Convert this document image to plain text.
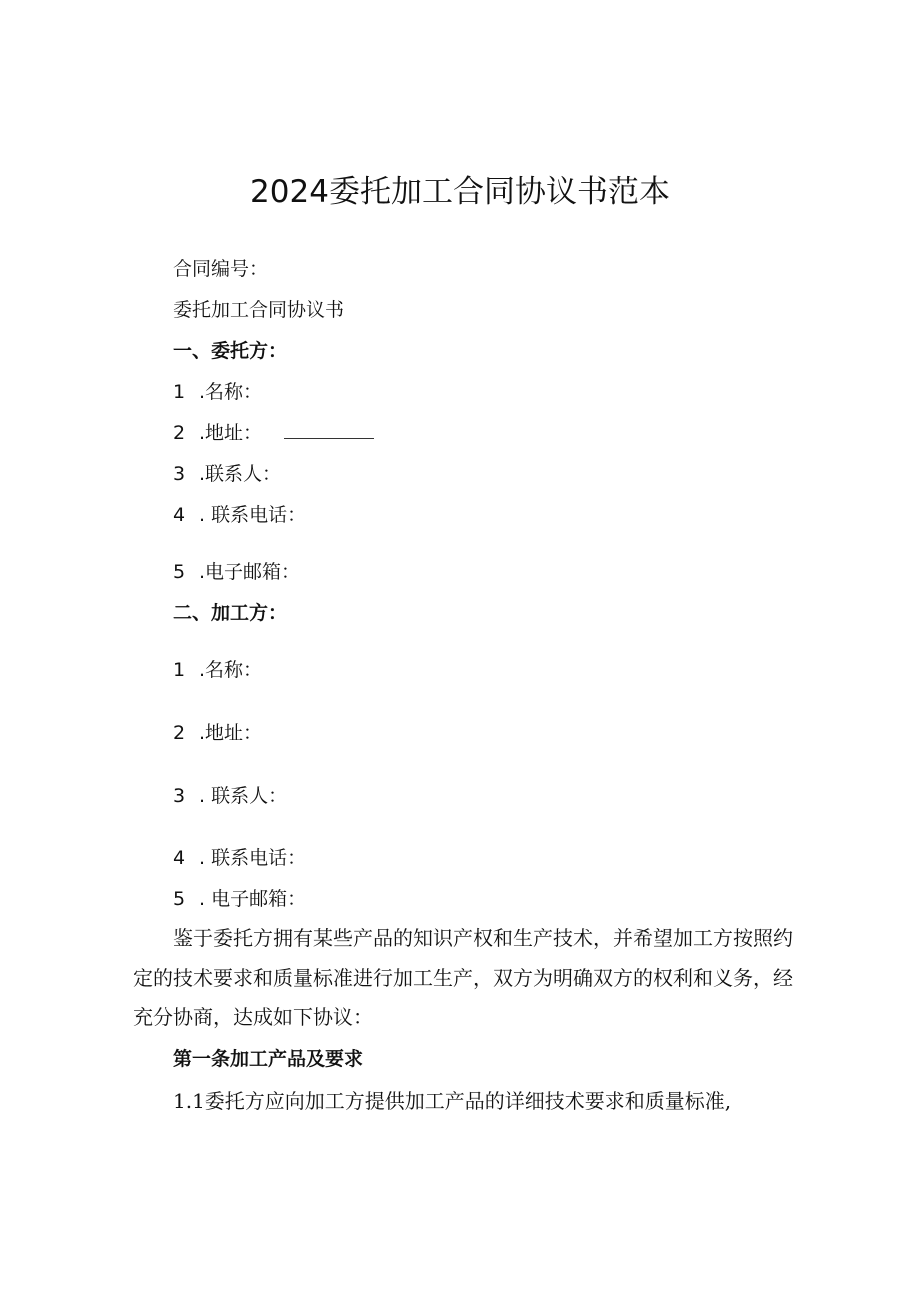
2024委托加工合同协议书范本
合同编号：
委托加工合同协议书
一、委托方：
1 .名称：
2 .地址：
3 .联系人：
4 . 联系电话：
5 .电子邮箱：
二、加工方：
1 .名称：
2 .地址：
3 . 联系人：
4 . 联系电话：
5 . 电子邮箱：
鉴于委托方拥有某些产品的知识产权和生产技术，并希望加工方按照约定的技术要求和质量标准进行加工生产，双方为明确双方的权利和义务，经充分协商，达成如下协议：
第一条加工产品及要求
1.1委托方应向加工方提供加工产品的详细技术要求和质量标准,
